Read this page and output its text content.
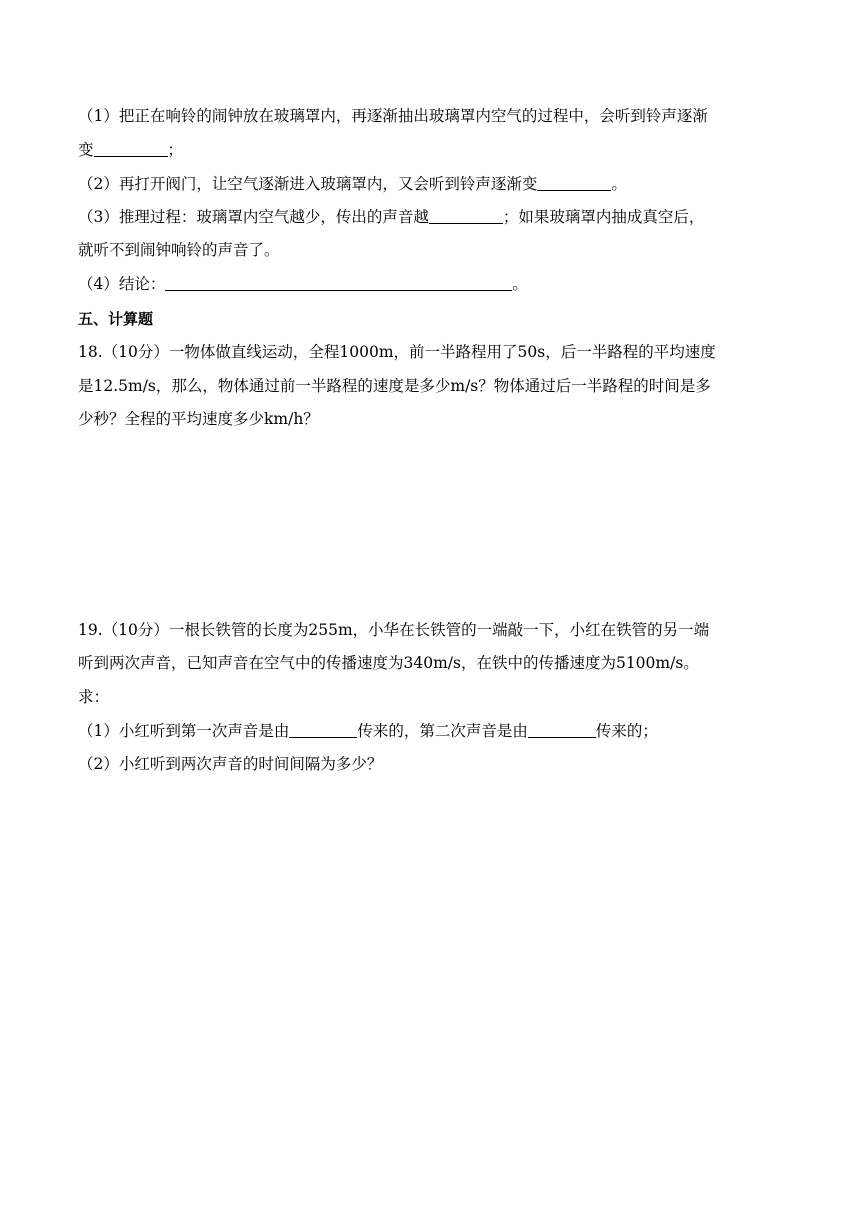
（1）把正在响铃的闹钟放在玻璃罩内，再逐渐抽出玻璃罩内空气的过程中，会听到铃声逐渐

变	；

（2）再打开阀门，让空气逐渐进入玻璃罩内，又会听到铃声逐渐变	。

（3）推理过程：玻璃罩内空气越少，传出的声音越	；如果玻璃罩内抽成真空后，

就听不到闹钟响铃的声音了。

（4）结论：	。

五、计算题

18.（10分）一物体做直线运动，全程1000m，前一半路程用了50s，后一半路程的平均速度

是12.5m/s，那么，物体通过前一半路程的速度是多少m/s？物体通过后一半路程的时间是多

少秒？全程的平均速度多少km/h？

19.（10分）一根长铁管的长度为255m，小华在长铁管的一端敲一下，小红在铁管的另一端

听到两次声音，已知声音在空气中的传播速度为340m/s，在铁中的传播速度为5100m/s。

求：

（1）小红听到第一次声音是由	传来的，第二次声音是由	传来的；

（2）小红听到两次声音的时间间隔为多少？
